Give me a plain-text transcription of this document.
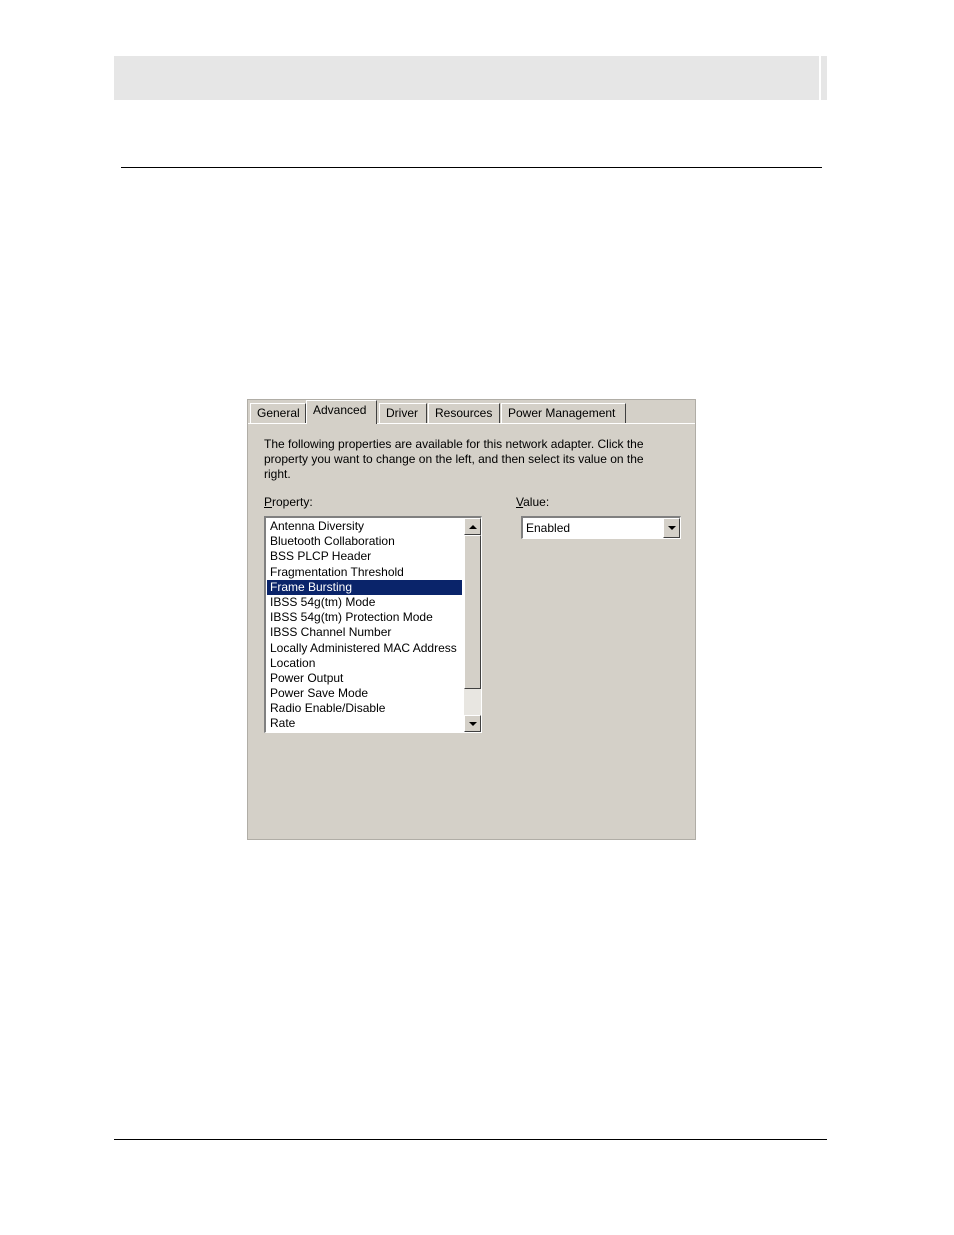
General	Advanced	Driver	Resources	Power Management
The following properties are available for this network adapter. Click the property you want to change on the left, and then select its value on the right.
Property:	Value:
Antenna Diversity
Bluetooth Collaboration
BSS PLCP Header
Fragmentation Threshold
Frame Bursting
IBSS 54g(tm) Mode
IBSS 54g(tm) Protection Mode
IBSS Channel Number
Locally Administered MAC Address
Location
Power Output
Power Save Mode
Radio Enable/Disable
Rate
Enabled
